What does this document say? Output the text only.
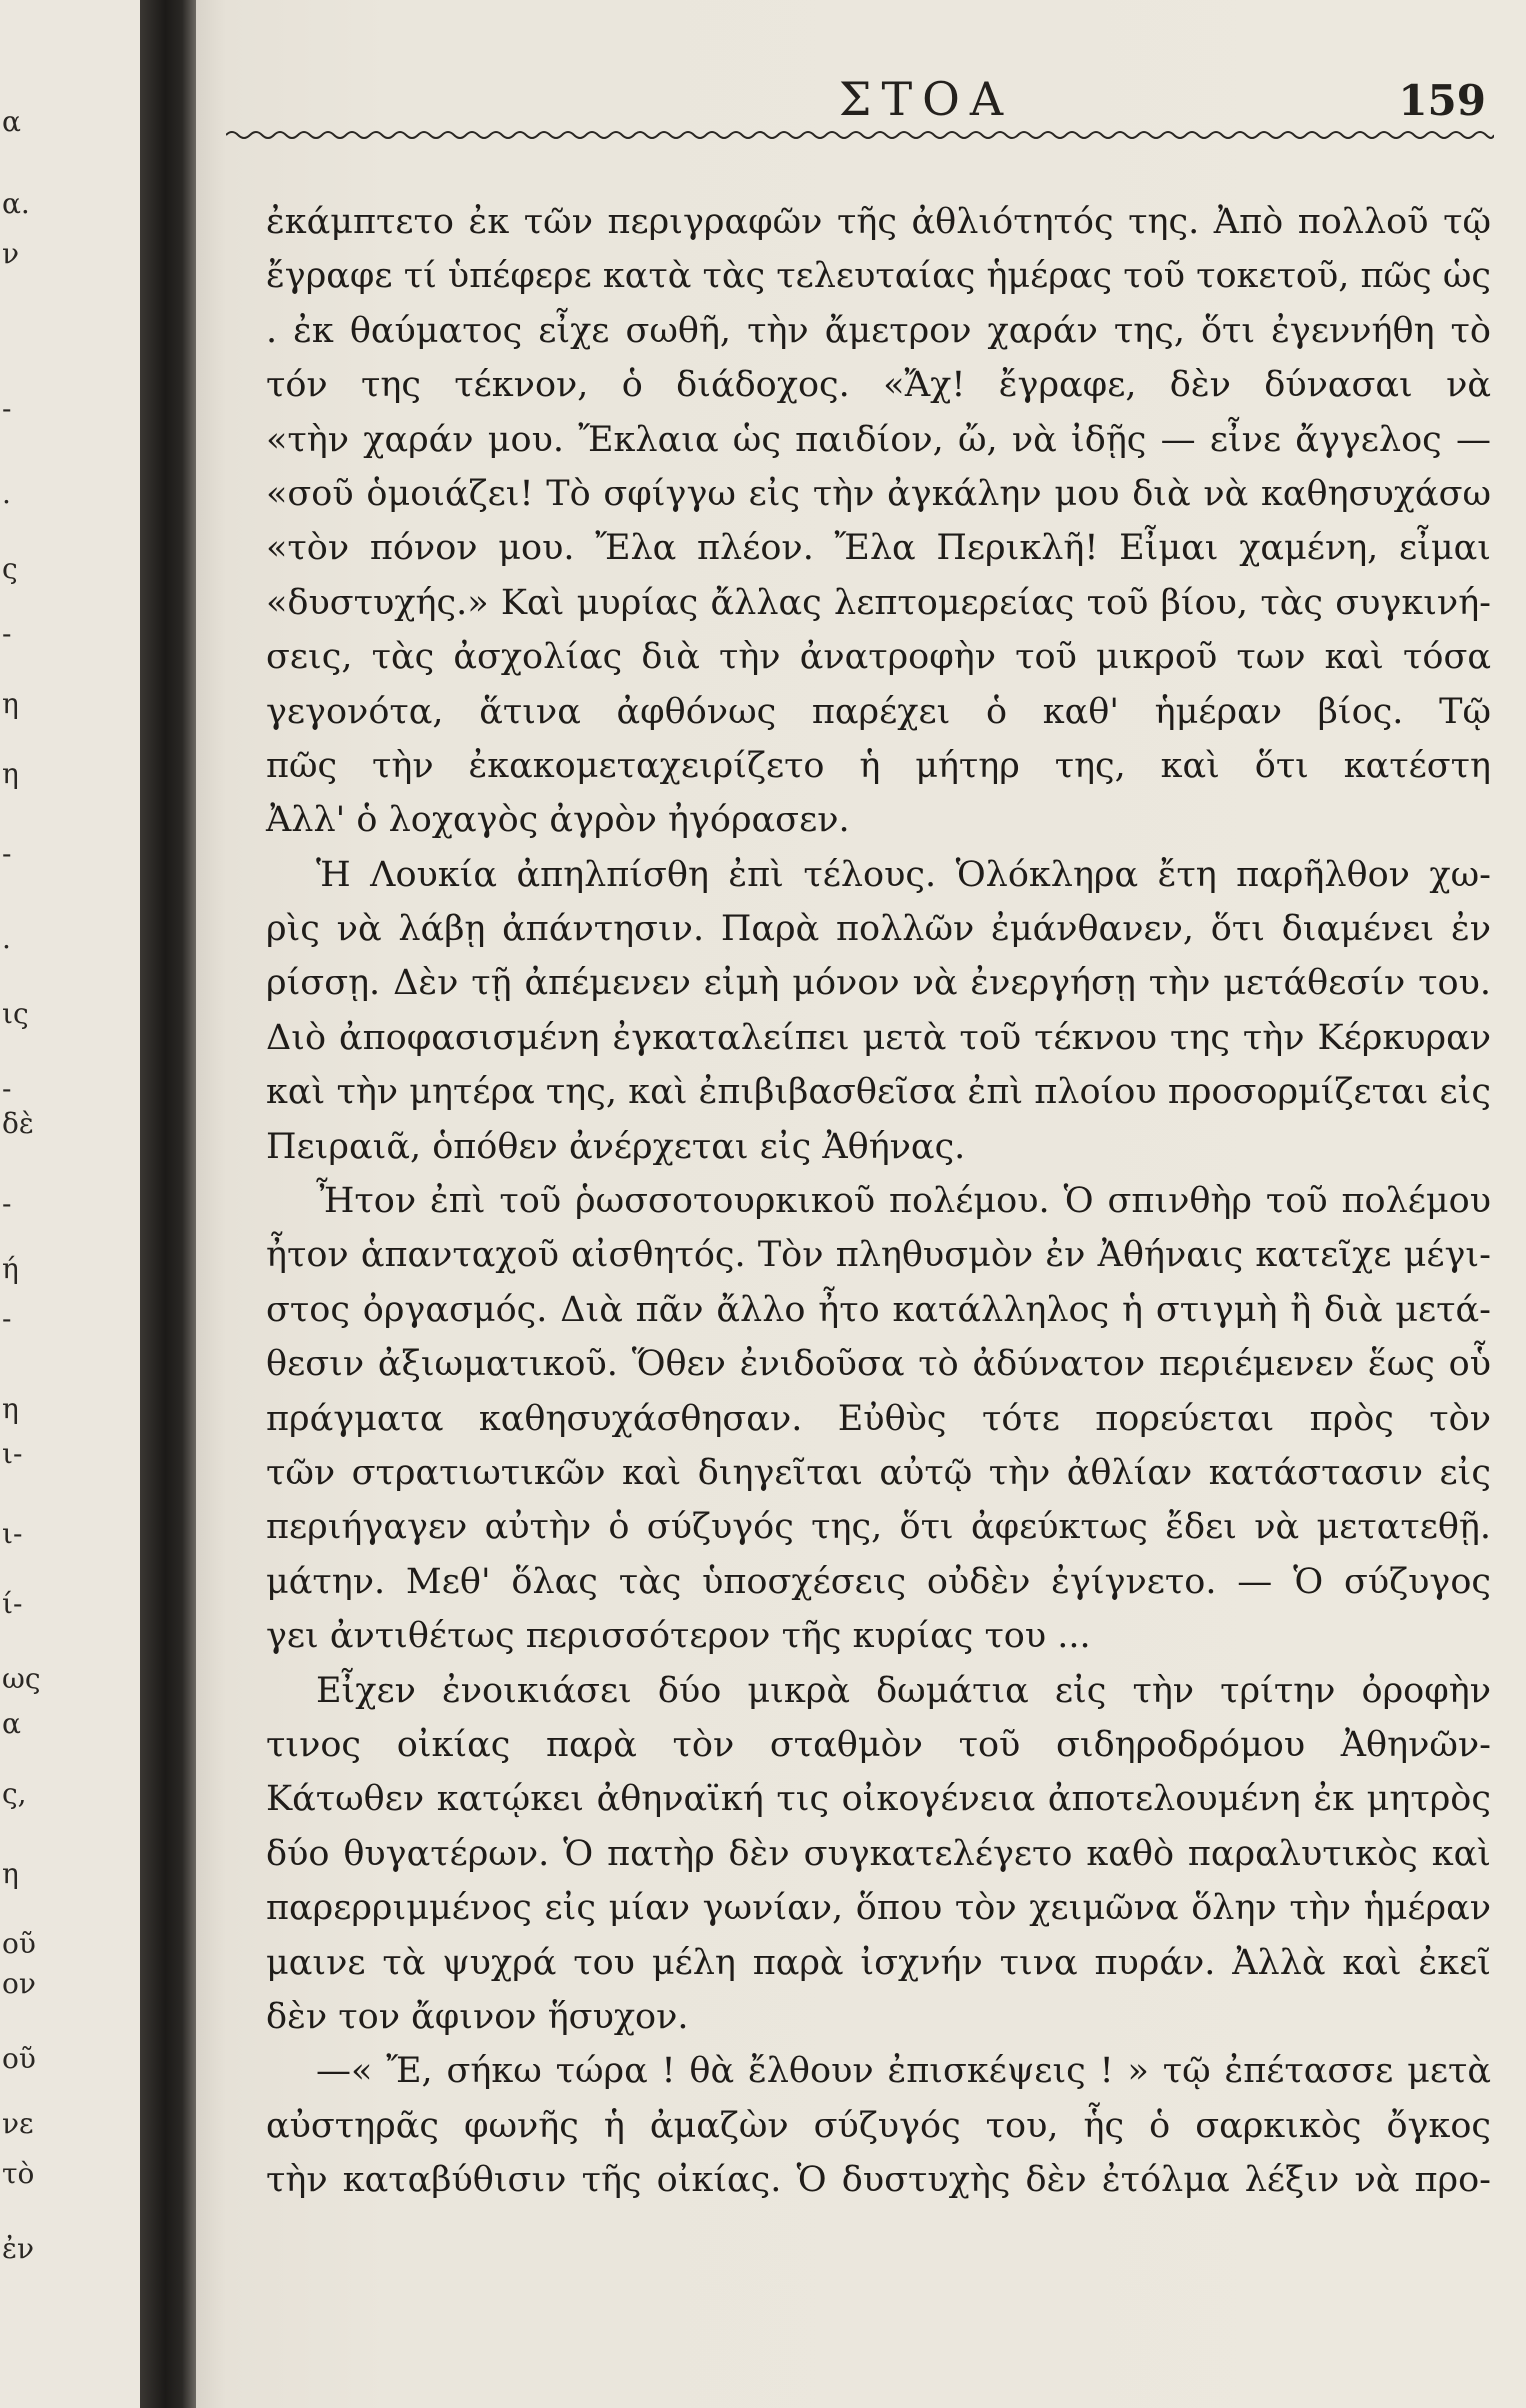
α
α.
ν
-
.
ς
-
η
η
-
.
ις
-
δὲ
-
ή
-
η
ι-
ι-
ί-
ως
α
ς,
η
οῦ
ον
οῦ
νε
τὸ
ἐν
ΣΤΟΑ	159
ἐκάμπτετο ἐκ τῶν περιγραφῶν τῆς ἀθλιότητός της. Ἀπὸ πολλοῦ τῷ
ἔγραφε τί ὑπέφερε κατὰ τὰς τελευταίας ἡμέρας τοῦ τοκετοῦ, πῶς ὡς
. ἐκ θαύματος εἶχε σωθῆ, τὴν ἄμετρον χαράν της, ὅτι ἐγεννήθη τὸ
τόν της τέκνον, ὁ διάδοχος. «Ἄχ! ἔγραφε, δὲν δύνασαι νὰ
«τὴν χαράν μου. Ἔκλαια ὡς παιδίον, ὤ, νὰ ἰδῇς — εἶνε ἄγγελος —
«σοῦ ὁμοιάζει! Τὸ σφίγγω εἰς τὴν ἀγκάλην μου διὰ νὰ καθησυχάσω
«τὸν πόνον μου. Ἔλα πλέον. Ἔλα Περικλῆ! Εἶμαι χαμένη, εἶμαι
«δυστυχής.» Καὶ μυρίας ἄλλας λεπτομερείας τοῦ βίου, τὰς συγκινή-
σεις, τὰς ἀσχολίας διὰ τὴν ἀνατροφὴν τοῦ μικροῦ των καὶ τόσα
γεγονότα, ἅτινα ἀφθόνως παρέχει ὁ καθ' ἡμέραν βίος. Τῷ
πῶς τὴν ἐκακομεταχειρίζετο ἡ μήτηρ της, καὶ ὅτι κατέστη
Ἀλλ' ὁ λοχαγὸς ἀγρὸν ἠγόρασεν.
Ἡ Λουκία ἀπηλπίσθη ἐπὶ τέλους. Ὁλόκληρα ἔτη παρῆλθον χω-
ρὶς νὰ λάβῃ ἀπάντησιν. Παρὰ πολλῶν ἐμάνθανεν, ὅτι διαμένει ἐν
ρίσσῃ. Δὲν τῇ ἀπέμενεν εἰμὴ μόνον νὰ ἐνεργήσῃ τὴν μετάθεσίν του.
Διὸ ἀποφασισμένη ἐγκαταλείπει μετὰ τοῦ τέκνου της τὴν Κέρκυραν
καὶ τὴν μητέρα της, καὶ ἐπιβιβασθεῖσα ἐπὶ πλοίου προσορμίζεται εἰς
Πειραιᾶ, ὁπόθεν ἀνέρχεται εἰς Ἀθήνας.
Ἦτον ἐπὶ τοῦ ῥωσσοτουρκικοῦ πολέμου. Ὁ σπινθὴρ τοῦ πολέμου
ἦτον ἁπανταχοῦ αἰσθητός. Τὸν πληθυσμὸν ἐν Ἀθήναις κατεῖχε μέγι-
στος ὀργασμός. Διὰ πᾶν ἄλλο ἦτο κατάλληλος ἡ στιγμὴ ἢ διὰ μετά-
θεσιν ἀξιωματικοῦ. Ὅθεν ἐνιδοῦσα τὸ ἀδύνατον περιέμενεν ἕως οὗ
πράγματα καθησυχάσθησαν. Εὐθὺς τότε πορεύεται πρὸς τὸν
τῶν στρατιωτικῶν καὶ διηγεῖται αὐτῷ τὴν ἀθλίαν κατάστασιν εἰς
περιήγαγεν αὐτὴν ὁ σύζυγός της, ὅτι ἀφεύκτως ἔδει νὰ μετατεθῇ.
μάτην. Μεθ' ὅλας τὰς ὑποσχέσεις οὐδὲν ἐγίγνετο. — Ὁ σύζυγος
γει ἀντιθέτως περισσότερον τῆς κυρίας του ...
Εἶχεν ἐνοικιάσει δύο μικρὰ δωμάτια εἰς τὴν τρίτην ὀροφὴν
τινος οἰκίας παρὰ τὸν σταθμὸν τοῦ σιδηροδρόμου Ἀθηνῶν-
Κάτωθεν κατῴκει ἀθηναϊκή τις οἰκογένεια ἀποτελουμένη ἐκ μητρὸς
δύο θυγατέρων. Ὁ πατὴρ δὲν συγκατελέγετο καθὸ παραλυτικὸς καὶ
παρερριμμένος εἰς μίαν γωνίαν, ὅπου τὸν χειμῶνα ὅλην τὴν ἡμέραν
μαινε τὰ ψυχρά του μέλη παρὰ ἰσχνήν τινα πυράν. Ἀλλὰ καὶ ἐκεῖ
δὲν τον ἄφινον ἥσυχον.
—« Ἔ, σήκω τώρα ! θὰ ἔλθουν ἐπισκέψεις ! » τῷ ἐπέτασσε μετὰ
αὐστηρᾶς φωνῆς ἡ ἀμαζὼν σύζυγός του, ἧς ὁ σαρκικὸς ὄγκος
τὴν καταβύθισιν τῆς οἰκίας. Ὁ δυστυχὴς δὲν ἐτόλμα λέξιν νὰ προ-
